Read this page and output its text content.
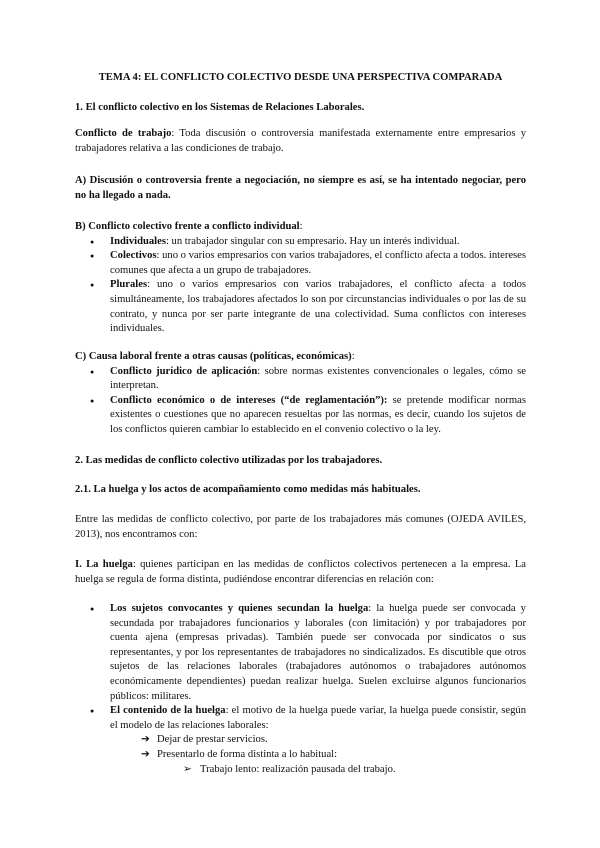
TEMA 4: EL CONFLICTO COLECTIVO DESDE UNA PERSPECTIVA COMPARADA
1. El conflicto colectivo en los Sistemas de Relaciones Laborales.
Conflicto de trabajo: Toda discusión o controversia manifestada externamente entre empresarios y trabajadores relativa a las condiciones de trabajo.
A) Discusión o controversia frente a negociación, no siempre es así, se ha intentado negociar, pero no ha llegado a nada.
B) Conflicto colectivo frente a conflicto individual:
● Individuales: un trabajador singular con su empresario. Hay un interés individual.
● Colectivos: uno o varios empresarios con varios trabajadores, el conflicto afecta a todos. intereses comunes que afecta a un grupo de trabajadores.
● Plurales: uno o varios empresarios con varios trabajadores, el conflicto afecta a todos simultáneamente, los trabajadores afectados lo son por circunstancias individuales o por las de su contrato, y nunca por ser parte integrante de una colectividad. Suma conflictos con intereses individuales.
C) Causa laboral frente a otras causas (políticas, económicas):
● Conflicto jurídico de aplicación: sobre normas existentes convencionales o legales, cómo se interpretan.
● Conflicto económico o de intereses (“de reglamentación”): se pretende modificar normas existentes o cuestiones que no aparecen resueltas por las normas, es decir, cuando los sujetos de los conflictos quieren cambiar lo establecido en el convenio colectivo o la ley.
2. Las medidas de conflicto colectivo utilizadas por los trabajadores.
2.1. La huelga y los actos de acompañamiento como medidas más habituales.
Entre las medidas de conflicto colectivo, por parte de los trabajadores más comunes (OJEDA AVILES, 2013), nos encontramos con:
I. La huelga: quienes participan en las medidas de conflictos colectivos pertenecen a la empresa. La huelga se regula de forma distinta, pudiéndose encontrar diferencias en relación con:
● Los sujetos convocantes y quienes secundan la huelga: la huelga puede ser convocada y secundada por trabajadores funcionarios y laborales (con limitación) y por trabajadores por cuenta ajena (empresas privadas). También puede ser convocada por sindicatos o sus representantes, y por los representantes de trabajadores no sindicalizados. Es discutible que otros sujetos de las relaciones laborales (trabajadores autónomos o trabajadores autónomos económicamente dependientes) puedan realizar huelga. Suelen excluirse algunos funcionarios públicos: militares.
● El contenido de la huelga: el motivo de la huelga puede variar, la huelga puede consistir, según el modelo de las relaciones laborales:
➔ Dejar de prestar servicios.
➔ Presentarlo de forma distinta a lo habitual:
➢ Trabajo lento: realización pausada del trabajo.
